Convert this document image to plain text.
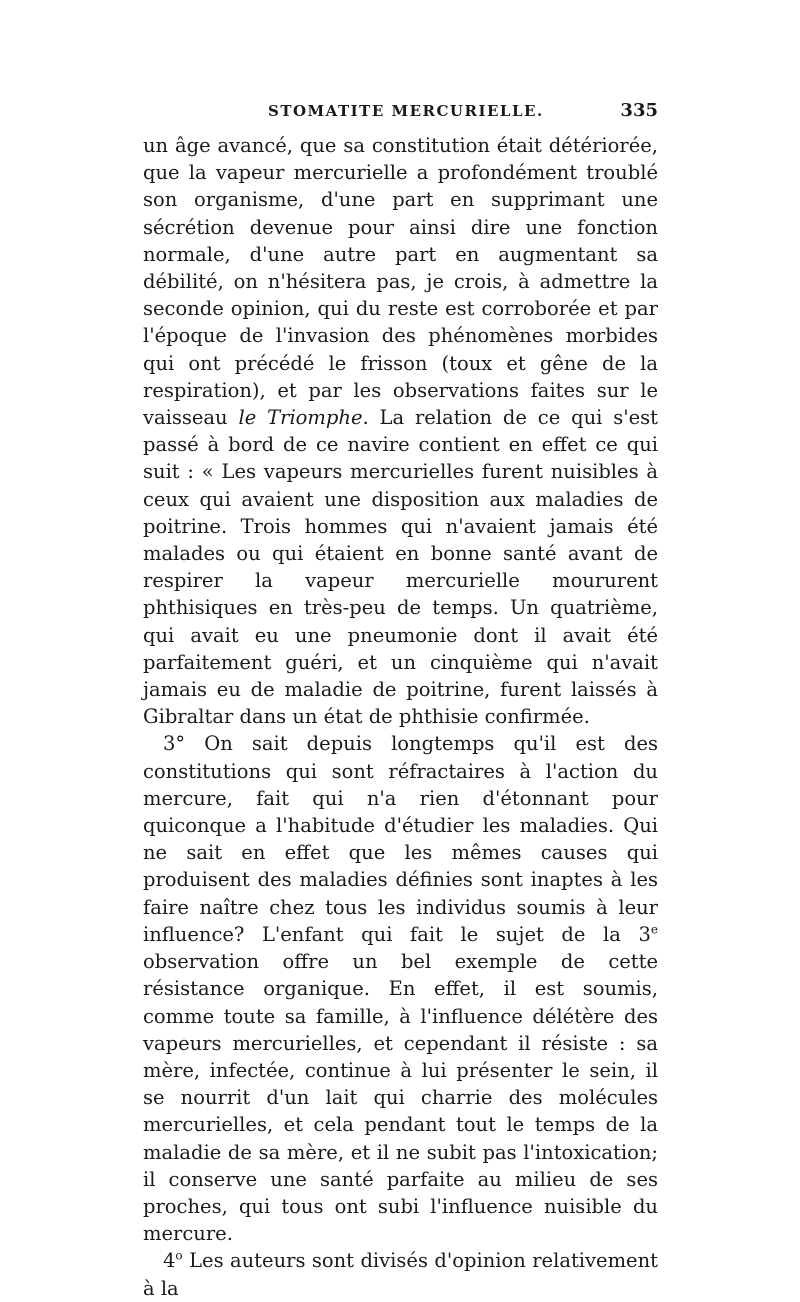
STOMATITE MERCURIELLE.	335

un âge avancé, que sa constitution était détériorée, que la vapeur mercurielle a profondément troublé son organisme, d'une part en supprimant une sécrétion devenue pour ainsi dire une fonction normale, d'une autre part en augmentant sa débilité, on n'hésitera pas, je crois, à admettre la seconde opinion, qui du reste est corroborée et par l'époque de l'invasion des phénomènes morbides qui ont précédé le frisson (toux et gêne de la respiration), et par les observations faites sur le vaisseau le Triomphe. La relation de ce qui s'est passé à bord de ce navire contient en effet ce qui suit : « Les vapeurs mercurielles furent nuisibles à ceux qui avaient une disposition aux maladies de poitrine. Trois hommes qui n'avaient jamais été malades ou qui étaient en bonne santé avant de respirer la vapeur mercurielle moururent phthisiques en très-peu de temps. Un quatrième, qui avait eu une pneumonie dont il avait été parfaitement guéri, et un cinquième qui n'avait jamais eu de maladie de poitrine, furent laissés à Gibraltar dans un état de phthisie confirmée.

3° On sait depuis longtemps qu'il est des constitutions qui sont réfractaires à l'action du mercure, fait qui n'a rien d'étonnant pour quiconque a l'habitude d'étudier les maladies. Qui ne sait en effet que les mêmes causes qui produisent des maladies définies sont inaptes à les faire naître chez tous les individus soumis à leur influence? L'enfant qui fait le sujet de la 3e observation offre un bel exemple de cette résistance organique. En effet, il est soumis, comme toute sa famille, à l'influence délétère des vapeurs mercurielles, et cependant il résiste : sa mère, infectée, continue à lui présenter le sein, il se nourrit d'un lait qui charrie des molécules mercurielles, et cela pendant tout le temps de la maladie de sa mère, et il ne subit pas l'intoxication; il conserve une santé parfaite au milieu de ses proches, qui tous ont subi l'influence nuisible du mercure.

4$^o$ Les auteurs sont divisés d'opinion relativement à la
